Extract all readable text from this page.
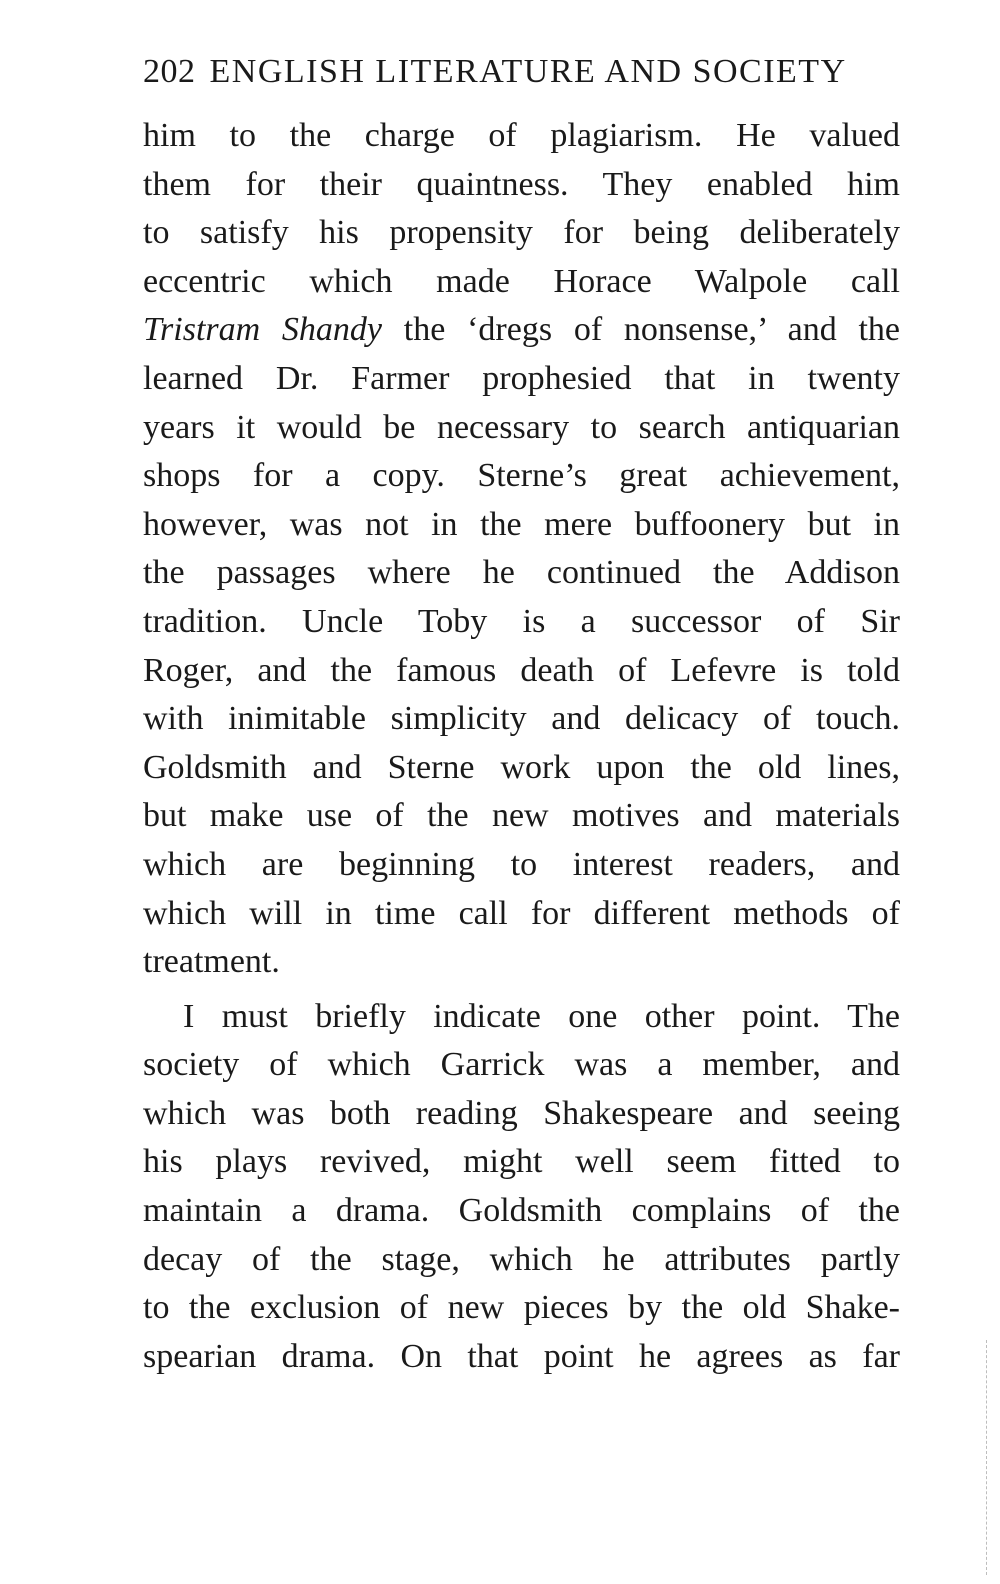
202 ENGLISH LITERATURE AND SOCIETY
him to the charge of plagiarism. He valued
them for their quaintness. They enabled him
to satisfy his propensity for being deliberately
eccentric which made Horace Walpole call
Tristram Shandy the ‘dregs of nonsense,’ and the
learned Dr. Farmer prophesied that in twenty
years it would be necessary to search antiquarian
shops for a copy. Sterne’s great achievement,
however, was not in the mere buffoonery but in
the passages where he continued the Addison
tradition. Uncle Toby is a successor of Sir
Roger, and the famous death of Lefevre is told
with inimitable simplicity and delicacy of touch.
Goldsmith and Sterne work upon the old lines,
but make use of the new motives and materials
which are beginning to interest readers, and
which will in time call for different methods of
treatment.
I must briefly indicate one other point. The
society of which Garrick was a member, and
which was both reading Shakespeare and seeing
his plays revived, might well seem fitted to
maintain a drama. Goldsmith complains of the
decay of the stage, which he attributes partly
to the exclusion of new pieces by the old Shake-
spearian drama. On that point he agrees as far
